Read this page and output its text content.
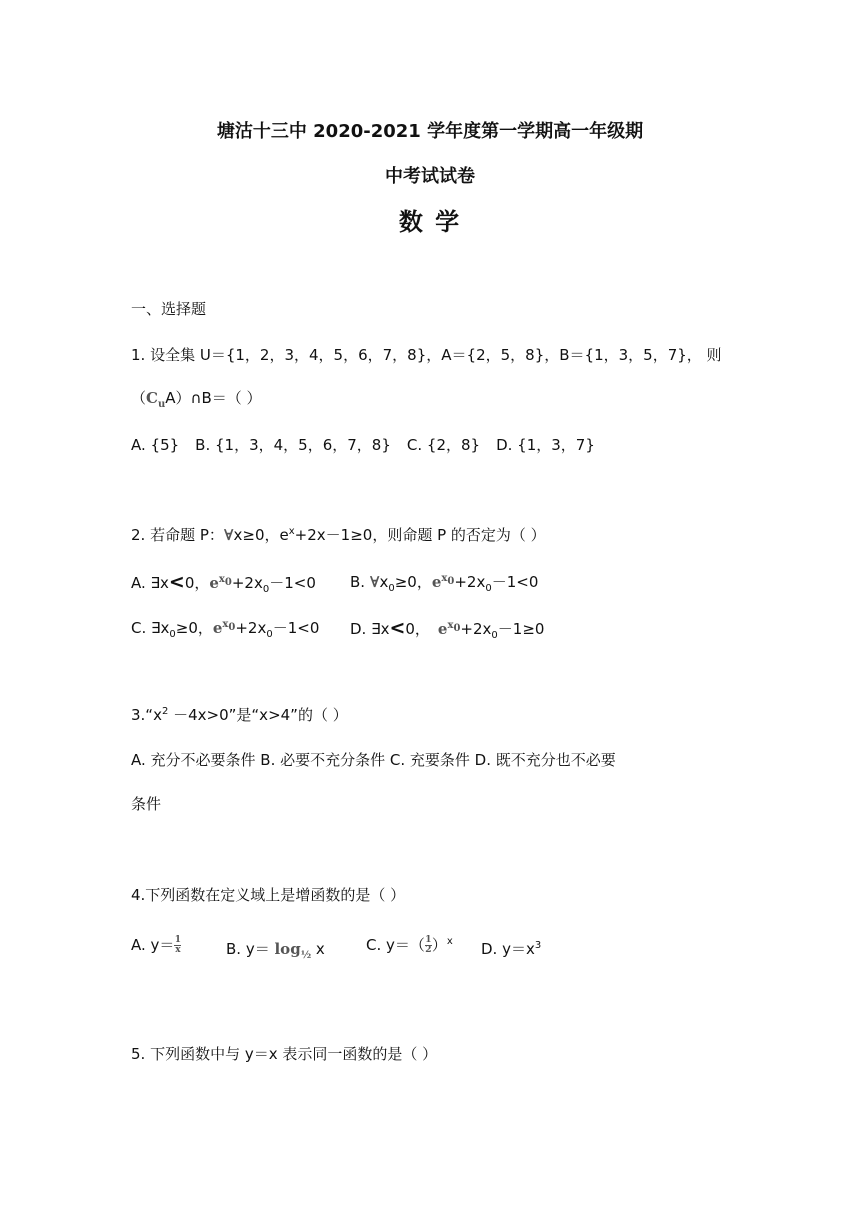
塘沽十三中 2020-2021 学年度第一学期高一年级期
中考试试卷
数 学
一、选择题
1. 设全集 U＝{1，2，3，4，5，6，7，8}，A＝{2，5，8}，B＝{1，3，5，7}， 则
$(C_uA)\cap B=$（ ）
A. {5} B. {1，3，4，5，6，7，8} C. {2，8} D. {1，3，7}
2. 若命题 P：∀x≥0，$e^x+2x-1\ge 0$，则命题 P 的否定为（ ）
A. ∃x<0，$e^{x_0}+2x_0-1<0$ B. $\forall x_0\ge 0$，$e^{x_0}+2x_0-1<0$
C. $\exists x_0\ge 0$，$e^{x_0}+2x_0-1<0$ D. ∃x<0， $e^{x_0}+2x_0-1\ge 0$
$3.“x^2 -4x>0$”是“x>4”的（ ）
A. 充分不必要条件 B. 必要不充分条件 C. 充要条件 D. 既不充分也不必要
条件
4.下列函数在定义域上是增函数的是（ ）
A. $y= \frac{1}{x}$	B. $y= \log_{\frac{1}{2}} x$	C. $y=( \frac{1}{2} )^x$ D. $y=x^3$
5. 下列函数中与 y＝x 表示同一函数的是（ ）
